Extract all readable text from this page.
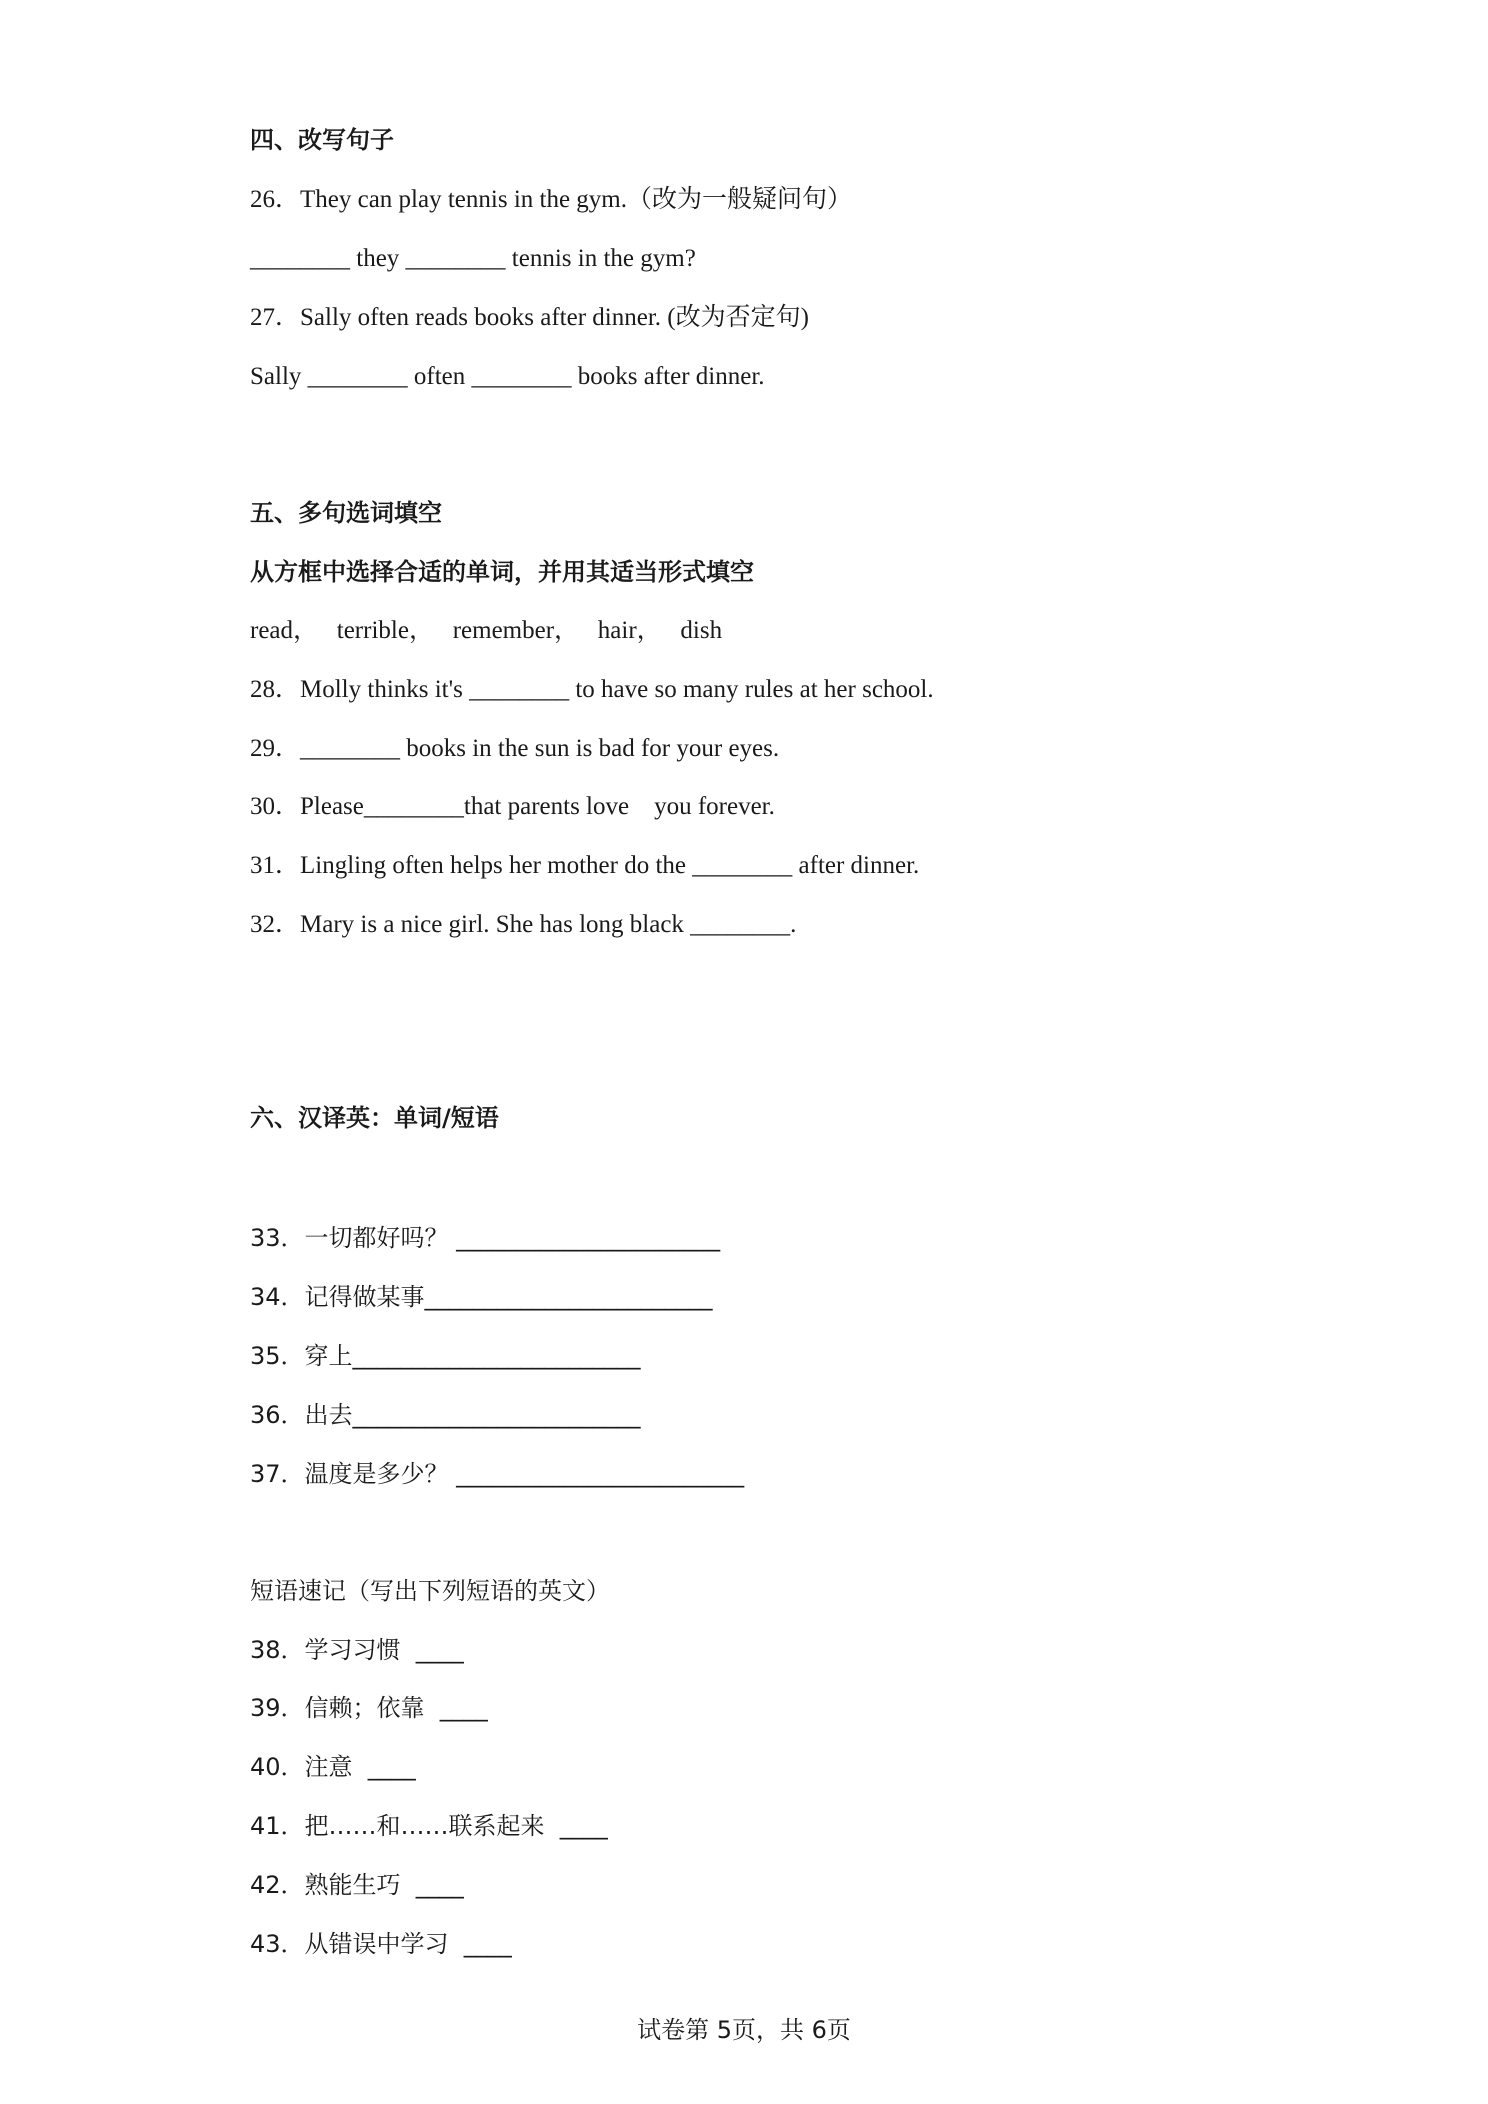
四、改写句子
26．They can play tennis in the gym.（改为一般疑问句）
________ they ________ tennis in the gym?
27．Sally often reads books after dinner. (改为否定句)
Sally ________ often ________ books after dinner.
五、多句选词填空
从方框中选择合适的单词，并用其适当形式填空
read，   terrible，   remember，   hair，   dish
28．Molly thinks it's ________ to have so many rules at her school.
29．________ books in the sun is bad for your eyes.
30．Please________that parents love    you forever.
31．Lingling often helps her mother do the ________ after dinner.
32．Mary is a nice girl. She has long black ________.
六、汉译英：单词/短语
33．一切都好吗？ ______________________
34．记得做某事________________________
35．穿上________________________
36．出去________________________
37．温度是多少？ ________________________
短语速记（写出下列短语的英文）
38．学习习惯  ____
39．信赖；依靠  ____
40．注意  ____
41．把……和……联系起来  ____
42．熟能生巧  ____
43．从错误中学习  ____
试卷第 5页，共 6页
